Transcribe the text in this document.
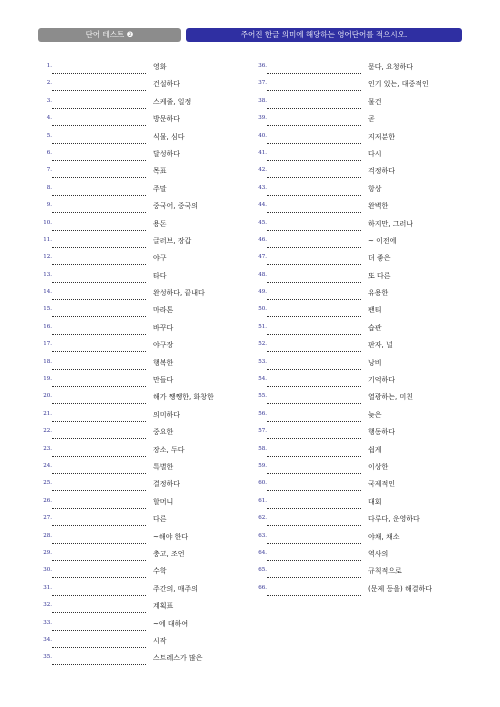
단어 테스트 ❷	주어진 한글 의미에 해당하는 영어단어를 적으시오.
1.	영화
2.	건설하다
3.	스케줄, 일정
4.	방문하다
5.	식물, 심다
6.	달성하다
7.	목표
8.	주말
9.	중국어, 중국의
10.	용돈
11.	글러브, 장갑
12.	야구
13.	타다
14.	완성하다, 끝내다
15.	마라톤
16.	바꾸다
17.	야구장
18.	행복한
19.	만들다
20.	해가 쨍쨍한, 화창한
21.	의미하다
22.	중요한
23.	장소, 두다
24.	특별한
25.	결정하다
26.	할머니
27.	다른
28.	~해야 한다
29.	충고, 조언
30.	수학
31.	주간의, 매주의
32.	계획표
33.	~에 대하여
34.	시작
35.	스트레스가 많은
36.	묻다, 요청하다
37.	인기 있는, 대중적인
38.	물건
39.	곧
40.	지저분한
41.	다시
42.	걱정하다
43.	항상
44.	완벽한
45.	하지만, 그러나
46.	~ 이전에
47.	더 좋은
48.	또 다른
49.	유용한
50.	팬티
51.	습관
52.	판자, 널
53.	낭비
54.	기억하다
55.	열광하는, 미친
56.	늦은
57.	행동하다
58.	쉽게
59.	이상한
60.	국제적인
61.	대회
62.	다루다, 운영하다
63.	야채, 채소
64.	역사의
65.	규칙적으로
66.	(문제 등을) 해결하다
